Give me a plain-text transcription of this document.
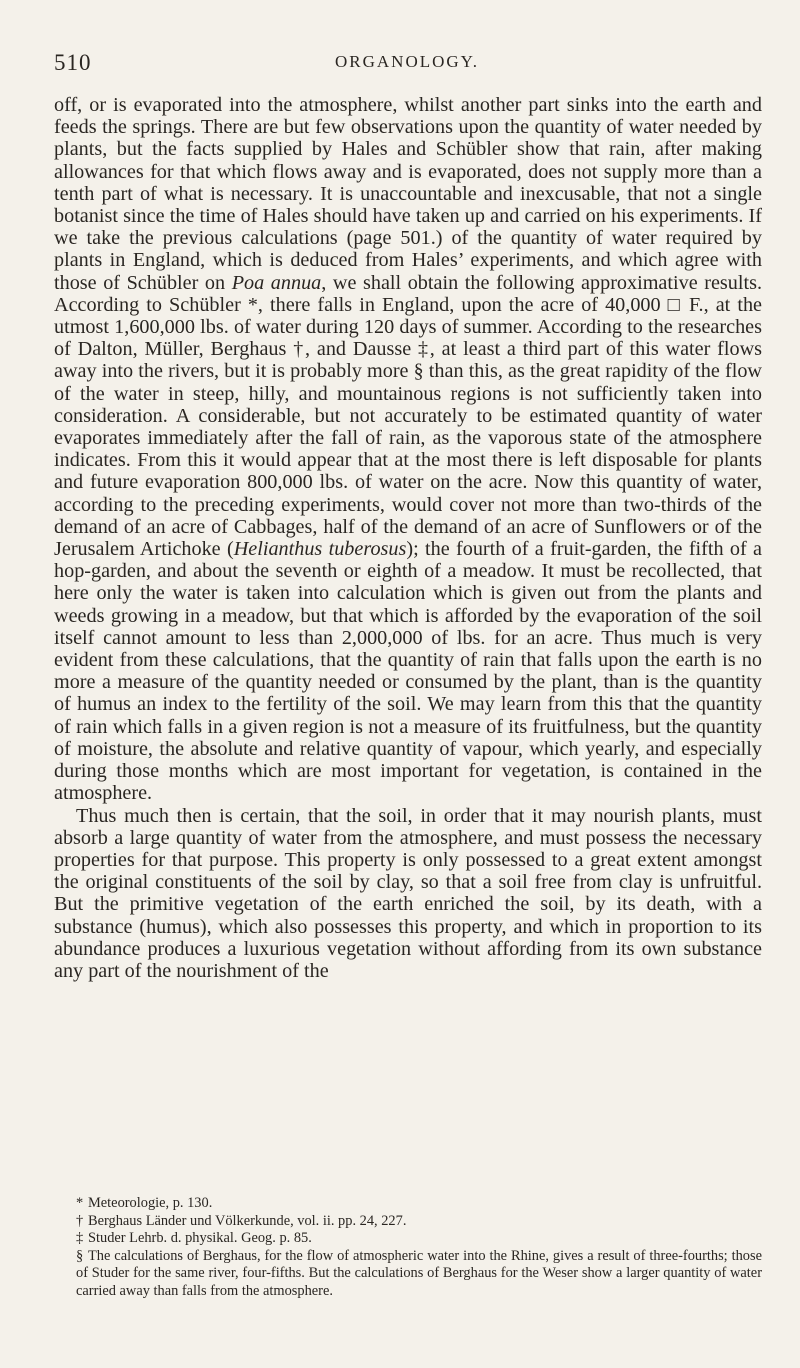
510	ORGANOLOGY.

off, or is evaporated into the atmosphere, whilst another part sinks into the earth and feeds the springs. There are but few observations upon the quantity of water needed by plants, but the facts supplied by Hales and Schübler show that rain, after making allowances for that which flows away and is evaporated, does not supply more than a tenth part of what is necessary. It is unaccountable and inexcusable, that not a single botanist since the time of Hales should have taken up and carried on his experiments. If we take the previous calculations (page 501.) of the quantity of water required by plants in England, which is deduced from Hales’ experiments, and which agree with those of Schübler on Poa annua, we shall obtain the following approximative results. According to Schübler *, there falls in England, upon the acre of 40,000 □ F., at the utmost 1,600,000 lbs. of water during 120 days of summer. According to the researches of Dalton, Müller, Berghaus †, and Dausse ‡, at least a third part of this water flows away into the rivers, but it is probably more § than this, as the great rapidity of the flow of the water in steep, hilly, and mountainous regions is not sufficiently taken into consideration. A considerable, but not accurately to be estimated quantity of water evaporates immediately after the fall of rain, as the vaporous state of the atmosphere indicates. From this it would appear that at the most there is left disposable for plants and future evaporation 800,000 lbs. of water on the acre. Now this quantity of water, according to the preceding experiments, would cover not more than two-thirds of the demand of an acre of Cabbages, half of the demand of an acre of Sunflowers or of the Jerusalem Artichoke (Helianthus tuberosus); the fourth of a fruit-garden, the fifth of a hop-garden, and about the seventh or eighth of a meadow. It must be recollected, that here only the water is taken into calculation which is given out from the plants and weeds growing in a meadow, but that which is afforded by the evaporation of the soil itself cannot amount to less than 2,000,000 of lbs. for an acre. Thus much is very evident from these calculations, that the quantity of rain that falls upon the earth is no more a measure of the quantity needed or consumed by the plant, than is the quantity of humus an index to the fertility of the soil. We may learn from this that the quantity of rain which falls in a given region is not a measure of its fruitfulness, but the quantity of moisture, the absolute and relative quantity of vapour, which yearly, and especially during those months which are most important for vegetation, is contained in the atmosphere.

Thus much then is certain, that the soil, in order that it may nourish plants, must absorb a large quantity of water from the atmosphere, and must possess the necessary properties for that purpose. This property is only possessed to a great extent amongst the original constituents of the soil by clay, so that a soil free from clay is unfruitful. But the primitive vegetation of the earth enriched the soil, by its death, with a substance (humus), which also possesses this property, and which in proportion to its abundance produces a luxurious vegetation without affording from its own substance any part of the nourishment of the

* Meteorologie, p. 130.

† Berghaus Länder und Völkerkunde, vol. ii. pp. 24, 227.

‡ Studer Lehrb. d. physikal. Geog. p. 85.

§ The calculations of Berghaus, for the flow of atmospheric water into the Rhine, gives a result of three-fourths; those of Studer for the same river, four-fifths. But the calculations of Berghaus for the Weser show a larger quantity of water carried away than falls from the atmosphere.
